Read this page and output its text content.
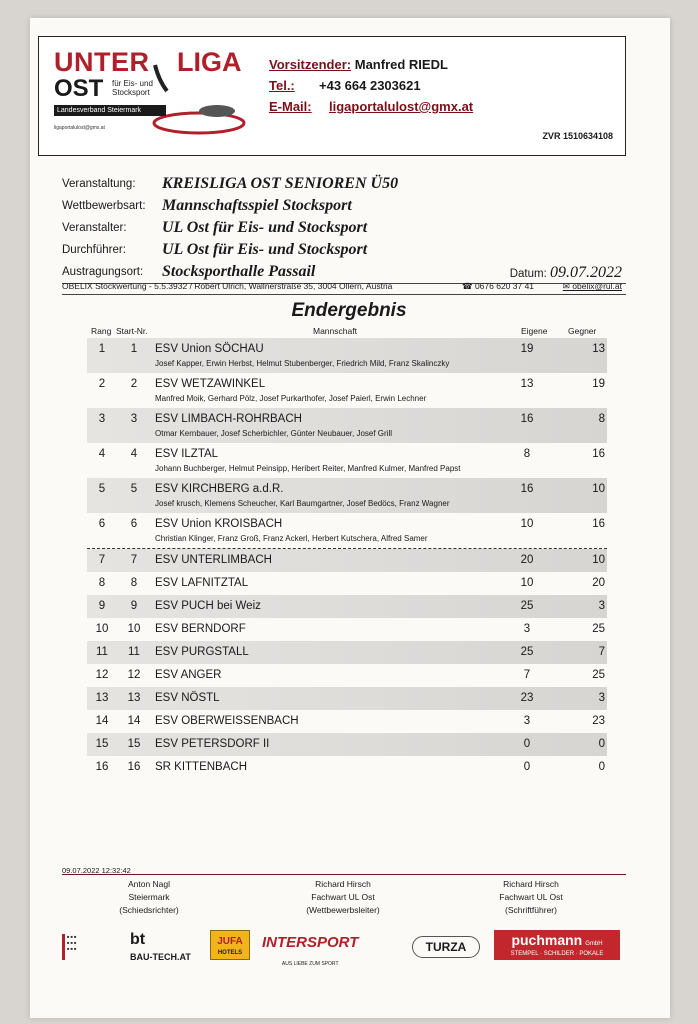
UNTER LIGA
OST für Eis- und Stocksport
Landesverband Steiermark
ligaportalulost@gmx.at
Vorsitzender: Manfred RIEDL
Tel.: +43 664 2303621
E-Mail: ligaportalulost@gmx.at
ZVR 1510634108
Veranstaltung: KREISLIGA OST SENIOREN Ü50
Wettbewerbsart: Mannschaftsspiel Stocksport
Veranstalter: UL Ost für Eis- und Stocksport
Durchführer: UL Ost für Eis- und Stocksport
Austragungsort: Stocksporthalle Passail	Datum: 09.07.2022
OBELIX Stockwertung - 5.5.3932 / Robert Ulrich, Wallnerstraße 35, 3004 Ollern, Austria	☎ 0676 620 37 41	✉ obelix@rul.at
Endergebnis
Rang Start-Nr.	Mannschaft	Eigene Gegner
1	1	ESV Union SÖCHAU	19	13
Josef Kapper, Erwin Herbst, Helmut Stubenberger, Friedrich Mild, Franz Skalinczky
2	2	ESV WETZAWINKEL	13	19
Manfred Moik, Gerhard Pölz, Josef Purkarthofer, Josef Paierl, Erwin Lechner
3	3	ESV LIMBACH-ROHRBACH	16	8
Otmar Kernbauer, Josef Scherbichler, Günter Neubauer, Josef Grill
4	4	ESV ILZTAL	8	16
Johann Buchberger, Helmut Peinsipp, Heribert Reiter, Manfred Kulmer, Manfred Papst
5	5	ESV KIRCHBERG a.d.R.	16	10
Josef krusch, Klemens Scheucher, Karl Baumgartner, Josef Bedöcs, Franz Wagner
6	6	ESV Union KROISBACH	10	16
Christian Klinger, Franz Groß, Franz Ackerl, Herbert Kutschera, Alfred Samer
7	7	ESV UNTERLIMBACH	20	10
8	8	ESV LAFNITZTAL	10	20
9	9	ESV PUCH bei Weiz	25	3
10 10 ESV BERNDORF	3	25
11 11 ESV PURGSTALL	25	7
12 12 ESV ANGER	7	25
13 13 ESV NÖSTL	23	3
14 14 ESV OBERWEISSENBACH	3	23
15 15 ESV PETERSDORF II	0	0
16 16 SR KITTENBACH	0	0
09.07.2022 12:32:42
Anton Nagl
Steiermark
(Schiedsrichter)
Richard Hirsch
Fachwart UL Ost
(Wettbewerbsleiter)
Richard Hirsch
Fachwart UL Ost
(Schriftführer)
■ ■ ■
■ ■ ■
■ ■ ■
bt
BAU-TECH.AT
JUFA
HOTELS
INTERSPORT
AUS LIEBE ZUM SPORT
TURZA	puchmann GmbH

STEMPEL · SCHILDER · POKALE
